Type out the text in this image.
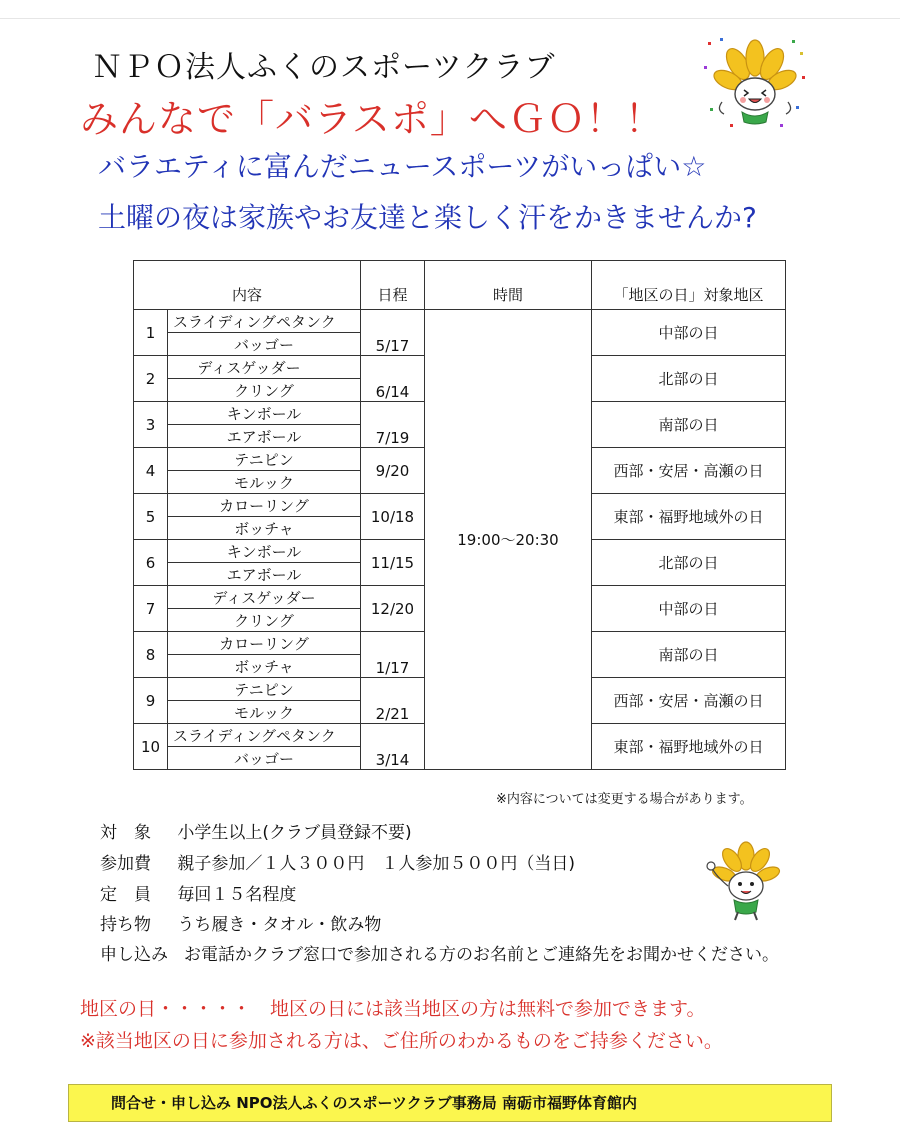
ＮＰＯ法人ふくのスポーツクラブ
みんなで「バラスポ」へＧＯ！！
バラエティに富んだニュースポーツがいっぱい☆
土曜の夜は家族やお友達と楽しく汗をかきませんか?
内容		日程	時間	「地区の日」対象地区
1	スライディングペタンク	5/17	19:00〜20:30	中部の日
	バッゴー			
2	ディスゲッダー	6/14		北部の日
	クリング			
3	キンボール	7/19		南部の日
	エアボール			
4	テニピン	9/20		西部・安居・高瀬の日
	モルック			
5	カローリング	10/18		東部・福野地域外の日
	ボッチャ			
6	キンボール	11/15		北部の日
	エアボール			
7	ディスゲッダー	12/20		中部の日
	クリング			
8	カローリング	1/17		南部の日
	ボッチャ			
9	テニピン	2/21		西部・安居・高瀬の日
	モルック			
10	スライディングペタンク	3/14		東部・福野地域外の日
	バッゴー			
※内容については変更する場合があります。
対　象 小学生以上(クラブ員登録不要)
参加費 親子参加／１人３００円　１人参加５００円（当日)
定　員 毎回１５名程度
持ち物 うち履き・タオル・飲み物
申し込み お電話かクラブ窓口で参加される方のお名前とご連絡先をお聞かせください。
地区の日・・・・・　地区の日には該当地区の方は無料で参加できます。
※該当地区の日に参加される方は、ご住所のわかるものをご持参ください。
問合せ・申し込み NPO法人ふくのスポーツクラブ事務局 南砺市福野体育館内
